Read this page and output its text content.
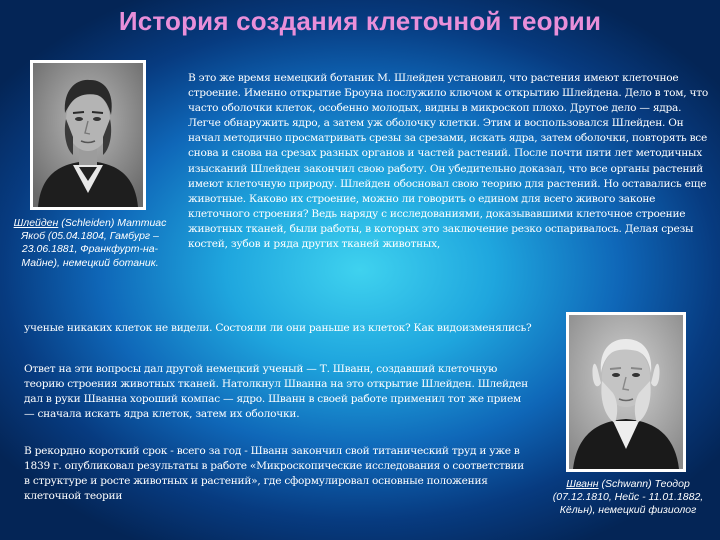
История создания клеточной теории
Шлейден (Schleiden) Маттиас Якоб (05.04.1804, Гамбург – 23.06.1881, Франкфурт-на-Майне), немецкий ботаник.
Шванн (Schwann) Теодор (07.12.1810, Нейс - 11.01.1882, Кёльн), немецкий физиолог

В это же время немецкий ботаник М. Шлейден установил, что растения имеют клеточное строение. Именно открытие Броуна послужило ключом к открытию Шлейдена. Дело в том, что часто оболочки клеток, особенно молодых, видны в микроскоп плохо. Другое дело — ядра. Легче обнаружить ядро, а затем уж оболочку клетки. Этим и воспользовался Шлейден. Он начал методично просматривать срезы за срезами, искать ядра, затем оболочки, повторять все снова и снова на срезах разных органов и частей растений. После почти пяти лет методичных изысканий Шлейден закончил свою работу. Он убедительно доказал, что все органы растений имеют клеточную природу. Шлейден обосновал свою теорию для растений. Но оставались еще животные. Каково их строение, можно ли говорить о едином для всего живого законе клеточного строения? Ведь наряду с исследованиями, доказывавшими клеточное строение животных тканей, были работы, в которых это заключение резко оспаривалось. Делая срезы костей, зубов и ряда других тканей животных,

ученые никаких клеток не видели. Состояли ли они раньше из клеток? Как видоизменялись?

Ответ на эти вопросы дал другой немецкий ученый — Т. Шванн, создавший клеточную теорию строения животных тканей. Натолкнул Шванна на это открытие Шлейден. Шлейден дал в руки Шванна хороший компас — ядро. Шванн в своей работе применил тот же прием — сначала искать ядра клеток, затем их оболочки.

В рекордно короткий срок - всего за год - Шванн закончил свой титанический труд и уже в 1839 г. опубликовал результаты в работе «Микроскопические исследования о соответствии в структуре и росте животных и растений», где сформулировал основные положения клеточной теории
